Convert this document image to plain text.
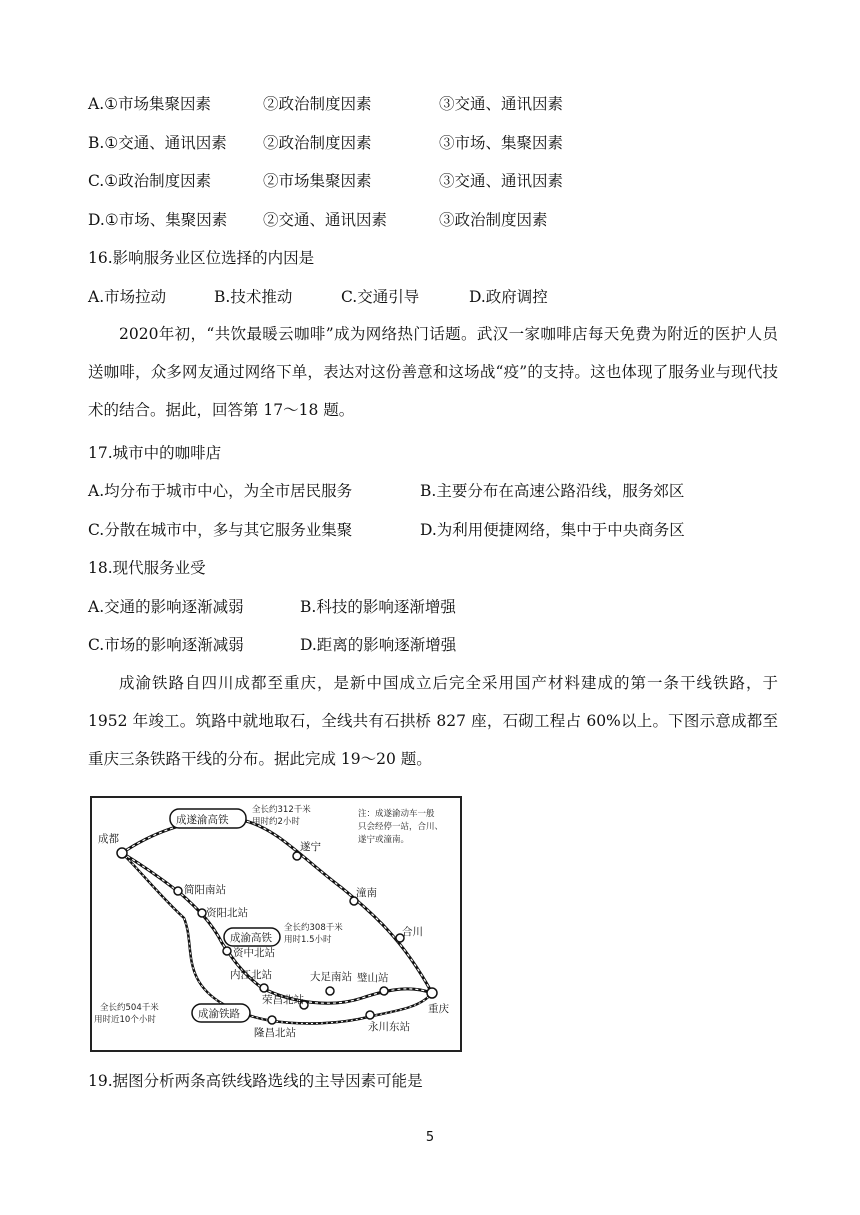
A.①市场集聚因素	②政治制度因素	③交通、通讯因素
B.①交通、通讯因素 ②政治制度因素	③市场、集聚因素
C.①政治制度因素	②市场集聚因素	③交通、通讯因素
D.①市场、集聚因素 ②交通、通讯因素	③政治制度因素
16.影响服务业区位选择的内因是
A.市场拉动	B.技术推动	C.交通引导	D.政府调控
2020年初，“共饮最暖云咖啡”成为网络热门话题。武汉一家咖啡店每天免费为附近的医护人员送咖啡，众多网友通过网络下单，表达对这份善意和这场战“疫”的支持。这也体现了服务业与现代技术的结合。据此，回答第 17～18 题。
17.城市中的咖啡店
A.均分布于城市中心，为全市居民服务	B.主要分布在高速公路沿线，服务郊区
C.分散在城市中，多与其它服务业集聚	D.为利用便捷网络，集中于中央商务区
18.现代服务业受
A.交通的影响逐渐减弱	B.科技的影响逐渐增强
C.市场的影响逐渐减弱	D.距离的影响逐渐增强
成渝铁路自四川成都至重庆，是新中国成立后完全采用国产材料建成的第一条干线铁路，于 1952 年竣工。筑路中就地取石，全线共有石拱桥 827 座，石砌工程占 60%以上。下图示意成都至重庆三条铁路干线的分布。据此完成 19～20 题。
成都
遂宁
潼南
合川
重庆
简阳南站
资阳北站
资中北站
内江北站	大足南站 璧山站
荣昌北站
隆昌北站	永川东站
成遂渝高铁
全长约312千米
用时约2小时
成渝高铁
全长约308千米
用时1.5小时
成渝铁路
全长约504千米
用时近10个小时
注：成遂渝动车一般
只会经停一站，合川、
遂宁或潼南。
19.据图分析两条高铁线路选线的主导因素可能是
5
